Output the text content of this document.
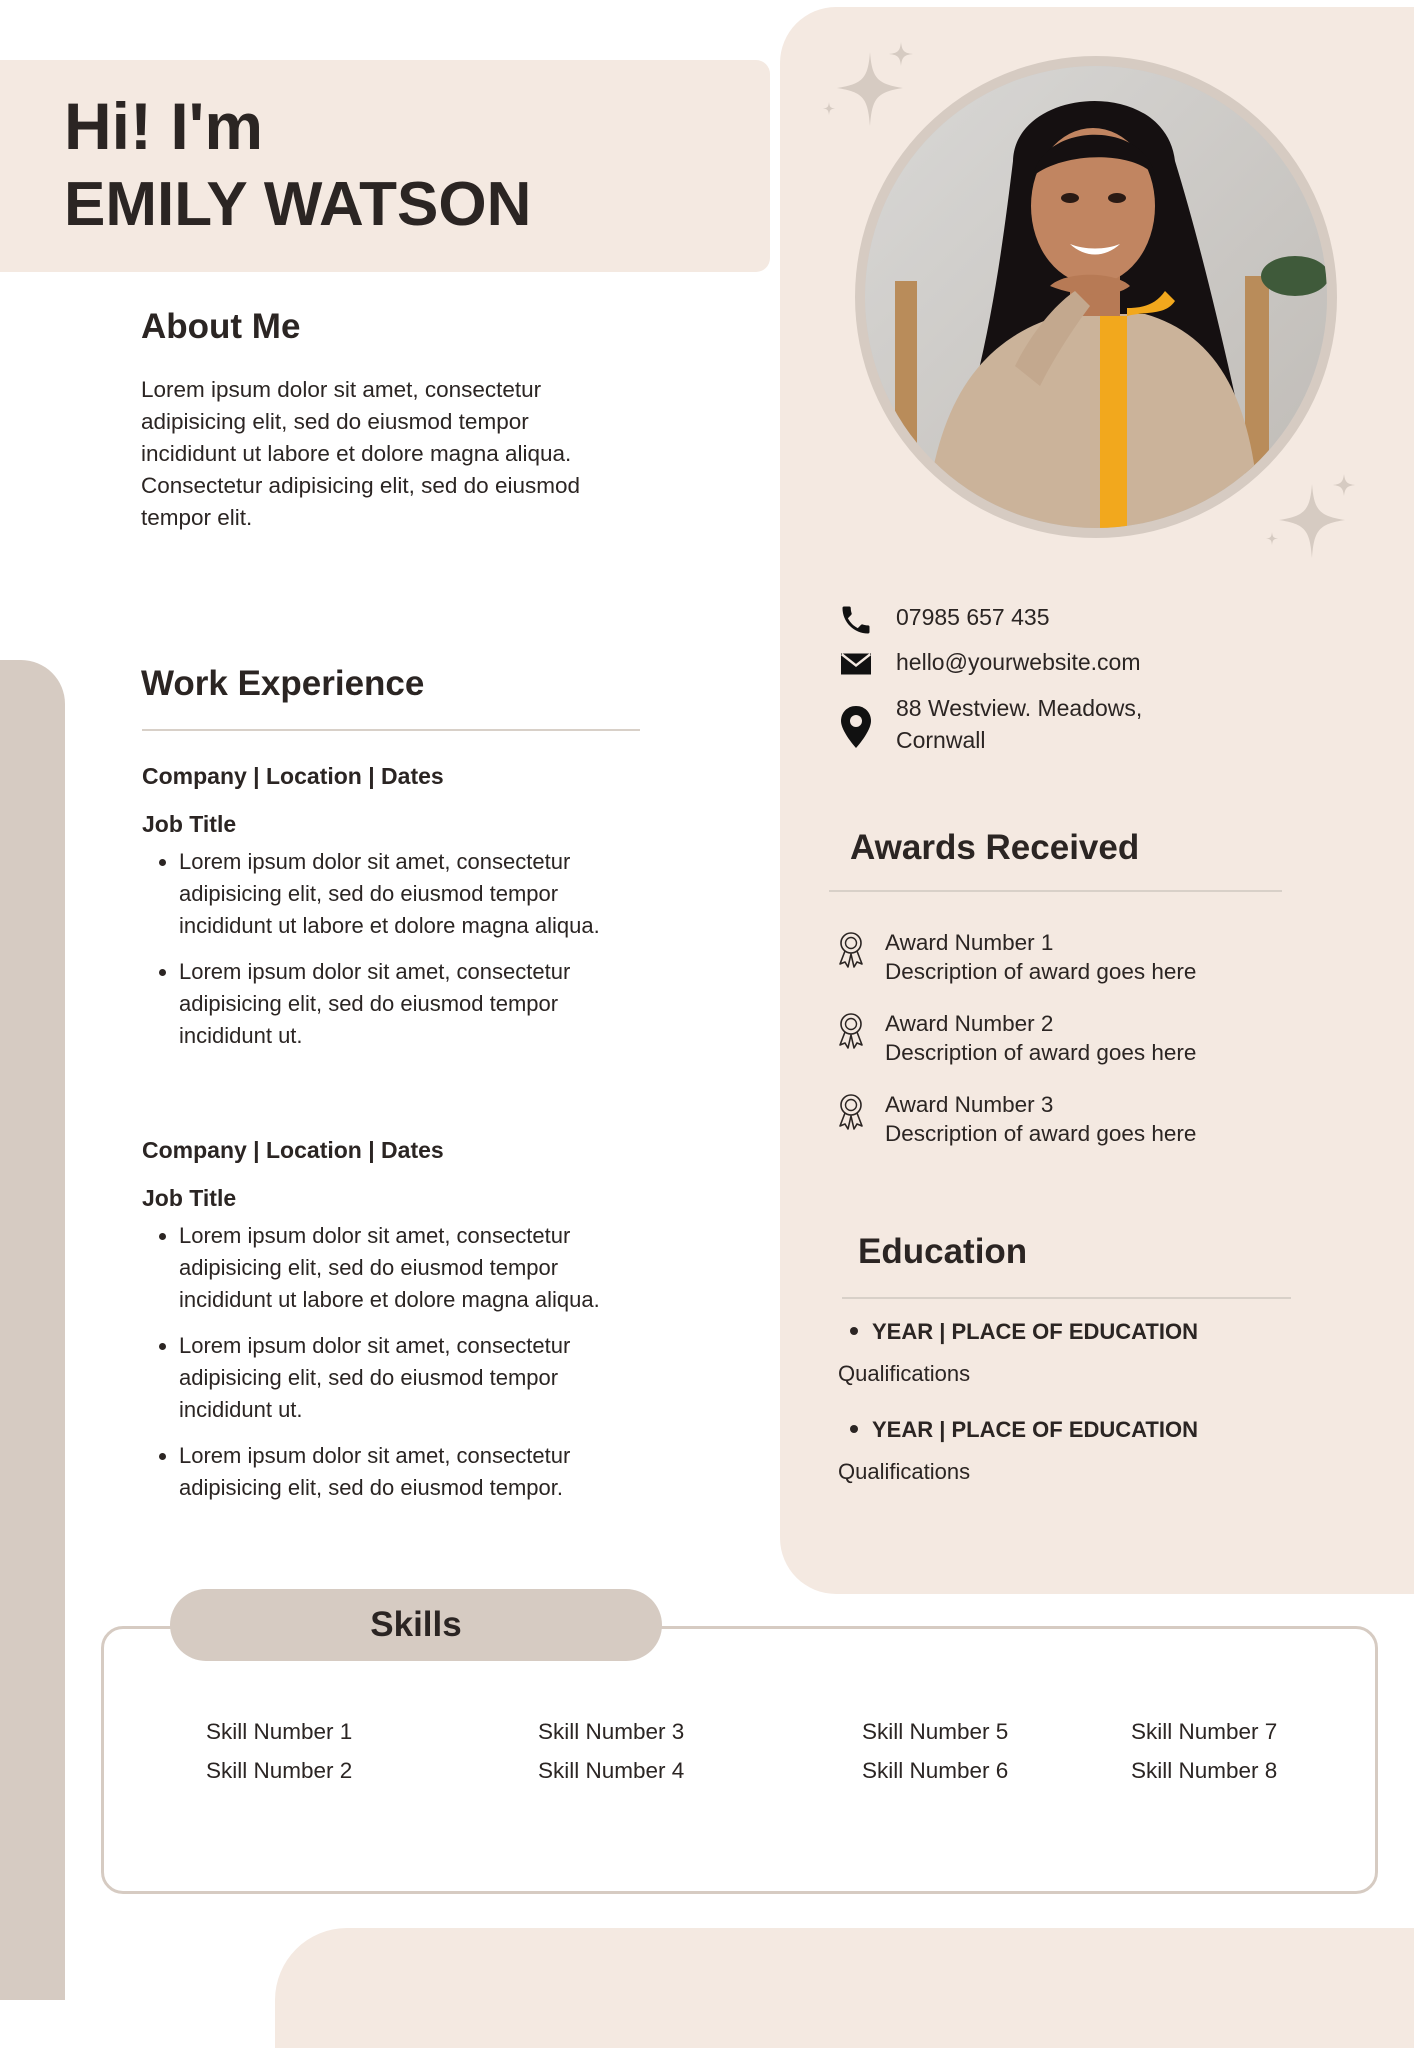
Hi! I'm
EMILY WATSON
About Me
Lorem ipsum dolor sit amet, consectetur adipisicing elit, sed do eiusmod tempor incididunt ut labore et dolore magna aliqua. Consectetur adipisicing elit, sed do eiusmod tempor elit.
Work Experience

Company | Location | Dates

Job Title

• Lorem ipsum dolor sit amet, consectetur adipisicing elit, sed do eiusmod tempor incididunt ut labore et dolore magna aliqua.
• Lorem ipsum dolor sit amet, consectetur adipisicing elit, sed do eiusmod tempor incididunt ut.

Company | Location | Dates

Job Title

• Lorem ipsum dolor sit amet, consectetur adipisicing elit, sed do eiusmod tempor incididunt ut labore et dolore magna aliqua.
• Lorem ipsum dolor sit amet, consectetur adipisicing elit, sed do eiusmod tempor incididunt ut.
• Lorem ipsum dolor sit amet, consectetur adipisicing elit, sed do eiusmod tempor.
07985 657 435
hello@yourwebsite.com
88 Westview. Meadows,
Cornwall
Awards Received
Award Number 1
Description of award goes here
Award Number 2
Description of award goes here
Award Number 3
Description of award goes here
Education
YEAR | PLACE OF EDUCATION
Qualifications
YEAR | PLACE OF EDUCATION
Qualifications
Skills
Skill Number 1
Skill Number 2
Skill Number 3
Skill Number 4
Skill Number 5
Skill Number 6
Skill Number 7
Skill Number 8
